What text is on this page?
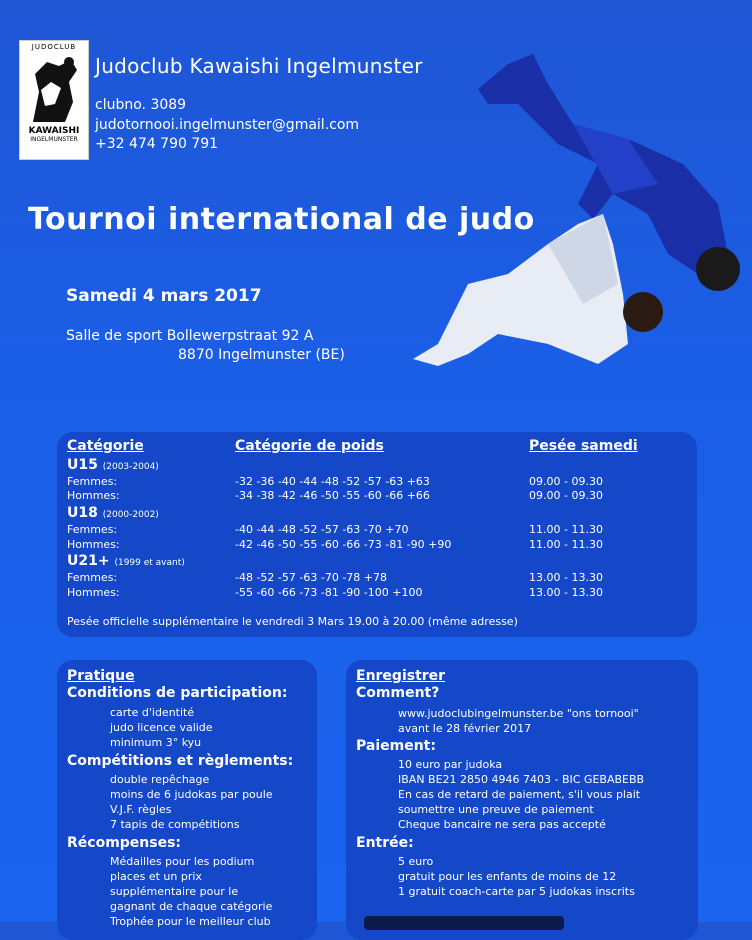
JUDOCLUB
KAWAISHI
INGELMUNSTER
Judoclub Kawaishi Ingelmunster
clubno. 3089
judotornooi.ingelmunster@gmail.com
+32 474 790 791
Tournoi international de judo
Samedi 4 mars 2017
Salle de sport Bollewerpstraat 92 A
8870 Ingelmunster (BE)
Catégorie	Catégorie de poids	Pesée samedi
U15 (2003-2004)
Femmes:	-32 -36 -40 -44 -48 -52 -57 -63 +63	09.00 - 09.30
Hommes:	-34 -38 -42 -46 -50 -55 -60 -66 +66	09.00 - 09.30
U18 (2000-2002)
Femmes:	-40 -44 -48 -52 -57 -63 -70 +70	11.00 - 11.30
Hommes:	-42 -46 -50 -55 -60 -66 -73 -81 -90 +90	11.00 - 11.30
U21+ (1999 et avant)
Femmes:	-48 -52 -57 -63 -70 -78 +78	13.00 - 13.30
Hommes:	-55 -60 -66 -73 -81 -90 -100 +100	13.00 - 13.30
Pesée officielle supplémentaire le vendredi 3 Mars 19.00 à 20.00 (même adresse)
Pratique
Conditions de participation:
carte d'identité
judo licence valide
minimum 3° kyu
Compétitions et règlements:
double repêchage
moins de 6 judokas par poule
V.J.F. règles
7 tapis de compétitions
Récompenses:
Médailles pour les podium
places et un prix
supplémentaire pour le
gagnant de chaque catégorie
Trophée pour le meilleur club
Enregistrer
Comment?
www.judoclubingelmunster.be "ons tornooi"
avant le 28 février 2017
Paiement:
10 euro par judoka
IBAN BE21 2850 4946 7403 - BIC GEBABEBB
En cas de retard de paiement, s'il vous plait
soumettre une preuve de paiement
Cheque bancaire ne sera pas accepté
Entrée:
5 euro
gratuit pour les enfants de moins de 12
1 gratuit coach-carte par 5 judokas inscrits
